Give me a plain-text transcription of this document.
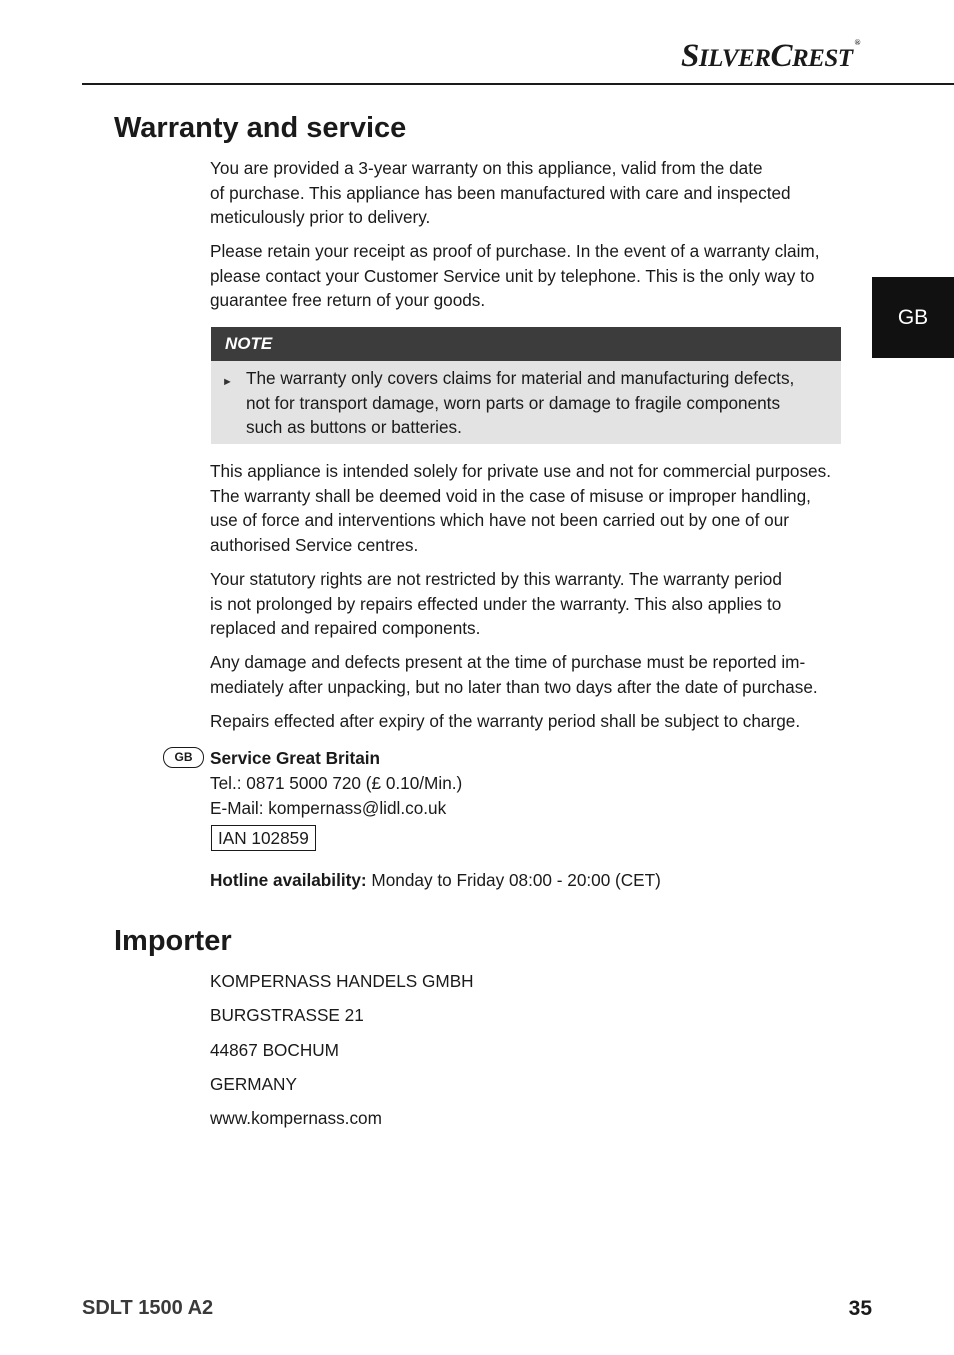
SILVERCREST®
GB
Warranty and service
You are provided a 3-year warranty on this appliance, valid from the date
of purchase. This appliance has been manufactured with care and inspected
meticulously prior to delivery.
Please retain your receipt as proof of purchase. In the event of a warranty claim,
please contact your Customer Service unit by telephone. This is the only way to
guarantee free return of your goods.
NOTE
► The warranty only covers claims for material and manufacturing defects,
not for transport damage, worn parts or damage to fragile components
such as buttons or batteries.
This appliance is intended solely for private use and not for commercial purposes.
The warranty shall be deemed void in the case of misuse or improper handling,
use of force and interventions which have not been carried out by one of our
authorised Service centres.
Your statutory rights are not restricted by this warranty. The warranty period
is not prolonged by repairs effected under the warranty. This also applies to
replaced and repaired components.
Any damage and defects present at the time of purchase must be reported im-
mediately after unpacking, but no later than two days after the date of purchase.
Repairs effected after expiry of the warranty period shall be subject to charge.
GB	Service Great Britain
Tel.: 0871 5000 720 (£ 0.10/Min.)
E-Mail: kompernass@lidl.co.uk
IAN 102859
Hotline availability: Monday to Friday 08:00 - 20:00 (CET)
Importer
KOMPERNASS HANDELS GMBH
BURGSTRASSE 21
44867 BOCHUM
GERMANY
www.kompernass.com
SDLT 1500 A2	35
